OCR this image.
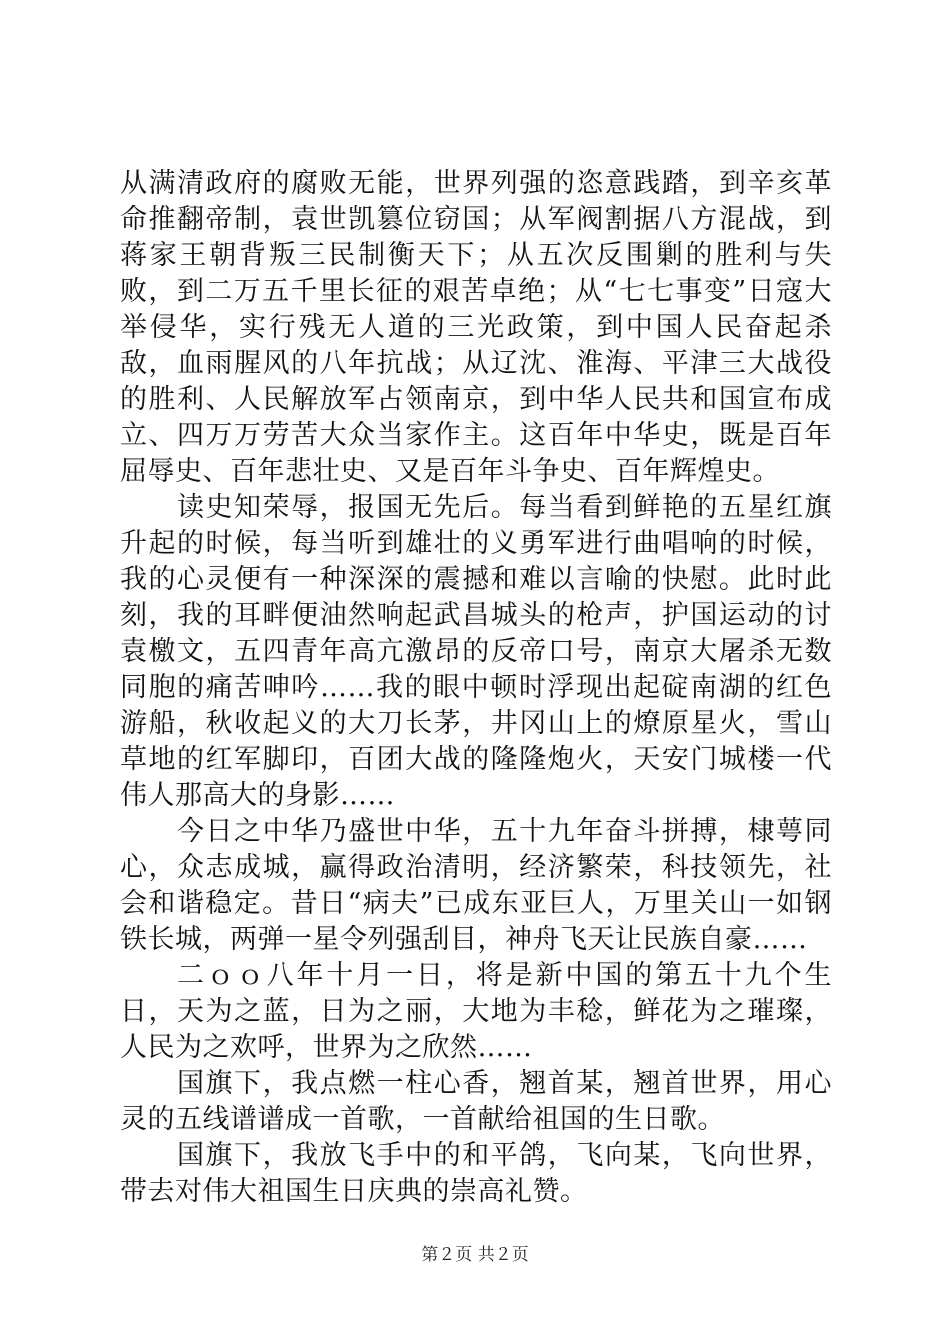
从满清政府的腐败无能，世界列强的恣意践踏，到辛亥革命推翻帝制，袁世凯篡位窃国；从军阀割据八方混战，到蒋家王朝背叛三民制衡天下；从五次反围剿的胜利与失败，到二万五千里长征的艰苦卓绝；从“七七事变”日寇大举侵华，实行残无人道的三光政策，到中国人民奋起杀敌，血雨腥风的八年抗战；从辽沈、淮海、平津三大战役的胜利、人民解放军占领南京，到中华人民共和国宣布成立、四万万劳苦大众当家作主。这百年中华史，既是百年屈辱史、百年悲壮史、又是百年斗争史、百年辉煌史。

读史知荣辱，报国无先后。每当看到鲜艳的五星红旗升起的时候，每当听到雄壮的义勇军进行曲唱响的时候，我的心灵便有一种深深的震撼和难以言喻的快慰。此时此刻，我的耳畔便油然响起武昌城头的枪声，护国运动的讨袁檄文，五四青年高亢激昂的反帝口号，南京大屠杀无数同胞的痛苦呻吟……我的眼中顿时浮现出起碇南湖的红色游船，秋收起义的大刀长茅，井冈山上的燎原星火，雪山草地的红军脚印，百团大战的隆隆炮火，天安门城楼一代伟人那高大的身影……

今日之中华乃盛世中华，五十九年奋斗拼搏，棣萼同心，众志成城，赢得政治清明，经济繁荣，科技领先，社会和谐稳定。昔日“病夫”已成东亚巨人，万里关山一如钢铁长城，两弹一星令列强刮目，神舟飞天让民族自豪……

二ｏｏ八年十月一日，将是新中国的第五十九个生日，天为之蓝，日为之丽，大地为丰稔，鲜花为之璀璨，人民为之欢呼，世界为之欣然……

国旗下，我点燃一柱心香，翘首某，翘首世界，用心灵的五线谱谱成一首歌，一首献给祖国的生日歌。

国旗下，我放飞手中的和平鸽，飞向某，飞向世界，带去对伟大祖国生日庆典的崇高礼赞。

第２页 共２页
